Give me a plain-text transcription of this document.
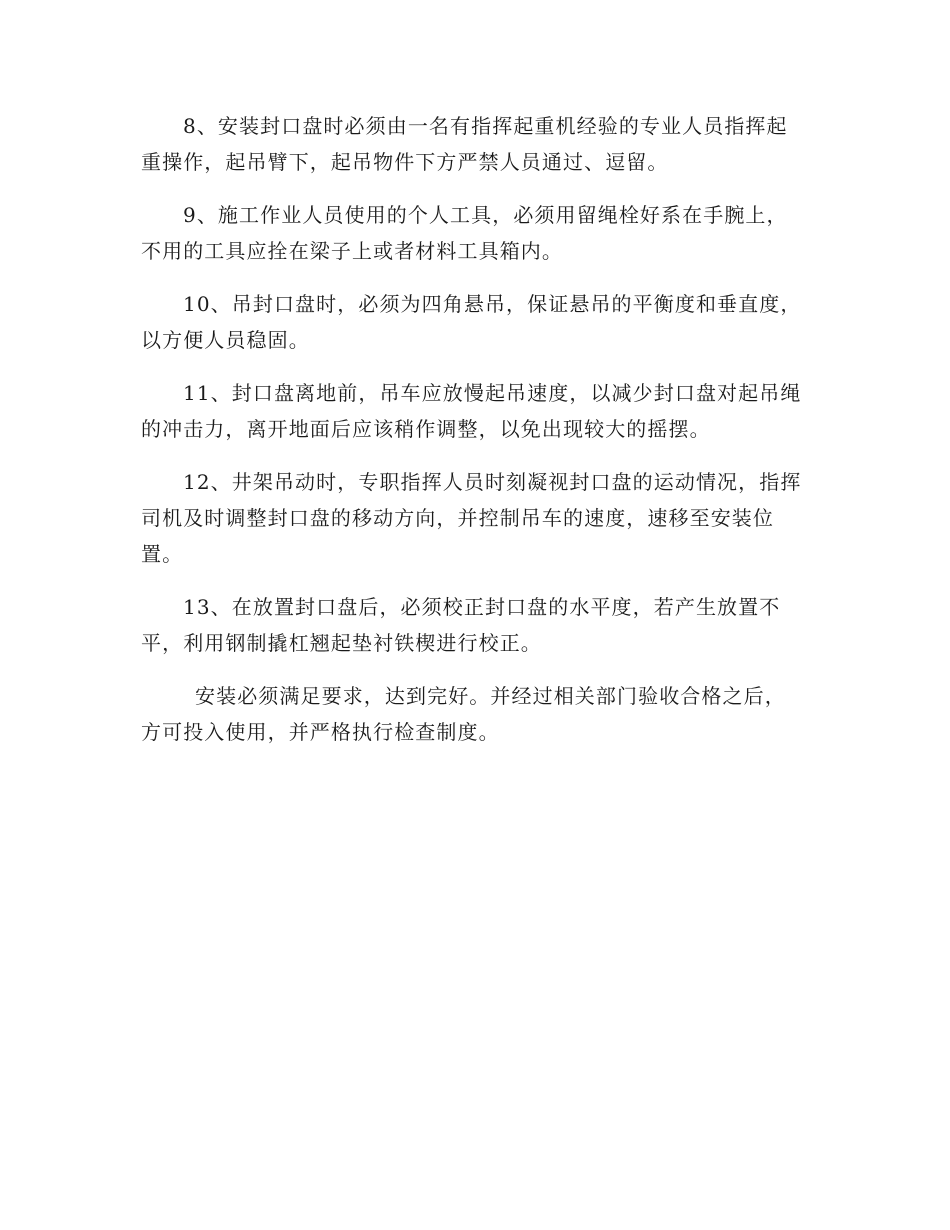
8、安装封口盘时必须由一名有指挥起重机经验的专业人员指挥起重操作，起吊臂下，起吊物件下方严禁人员通过、逗留。

9、施工作业人员使用的个人工具，必须用留绳栓好系在手腕上，不用的工具应拴在梁子上或者材料工具箱内。

10、吊封口盘时，必须为四角悬吊，保证悬吊的平衡度和垂直度，以方便人员稳固。

11、封口盘离地前，吊车应放慢起吊速度，以减少封口盘对起吊绳的冲击力，离开地面后应该稍作调整，以免出现较大的摇摆。

12、井架吊动时，专职指挥人员时刻凝视封口盘的运动情况，指挥司机及时调整封口盘的移动方向，并控制吊车的速度，速移至安装位置。

13、在放置封口盘后，必须校正封口盘的水平度，若产生放置不平，利用钢制撬杠翘起垫衬铁楔进行校正。

安装必须满足要求，达到完好。并经过相关部门验收合格之后，方可投入使用，并严格执行检查制度。
